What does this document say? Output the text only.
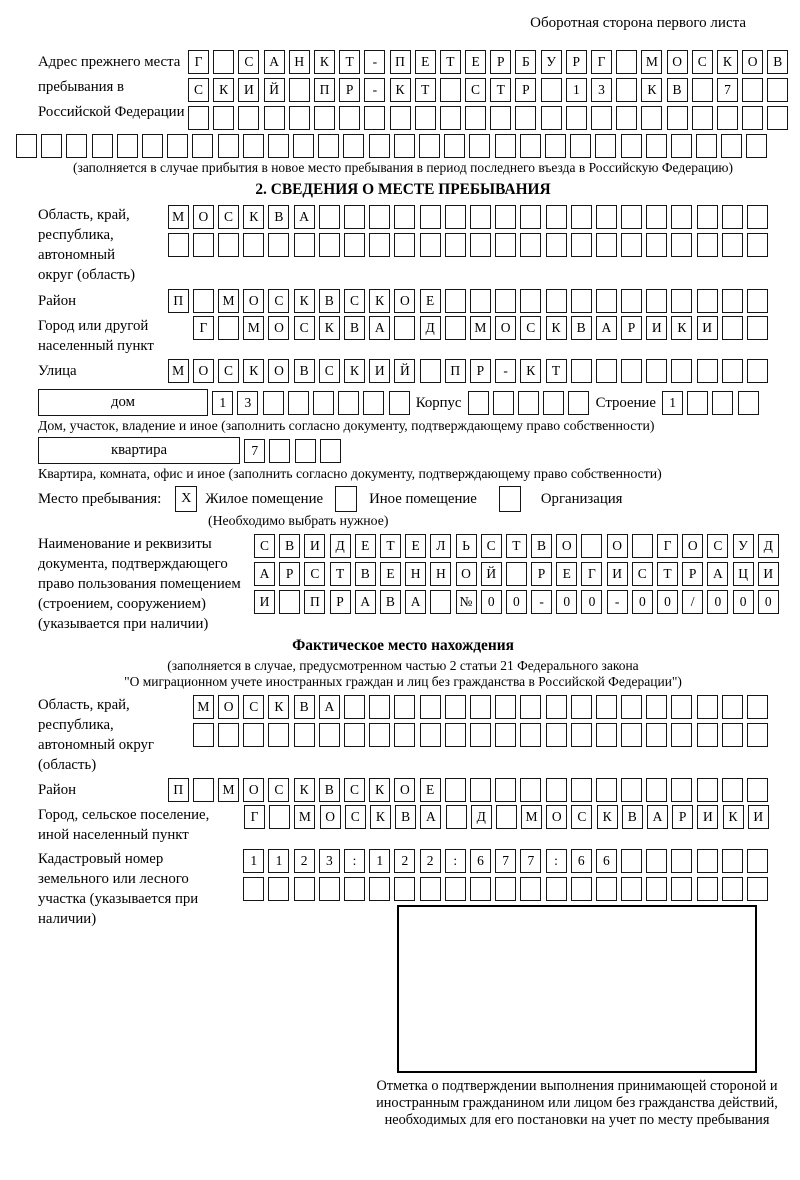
Оборотная сторона первого листа
Адрес прежнего места пребывания в Российской Федерации
Г	С	А	Н	К	Т	-	П	Е	Т	Е	Р	Б	У	Р	Г	М	О	С	К	О	В
С	К	И	Й	П	Р	-	К	Т	С	Т	Р	1	3	К	В	7
(заполняется в случае прибытия в новое место пребывания в период последнего въезда в Российскую Федерацию)
2. СВЕДЕНИЯ О МЕСТЕ ПРЕБЫВАНИЯ
Область, край, республика, автономный округ (область)
М	О	С	К	В	А
Район	П	М	О	С	К	В	С	К	О	Е
Город или другой населенный пункт
Г	М	О	С	К	В	А	Д	М	О	С	К	В	А	Р	И	К	И
Улица	М	О	С	К	О	В	С	К	И	Й	П	Р	-	К	Т
дом	1	3	Корпус	Строение 1
Дом, участок, владение и иное (заполнить согласно документу, подтверждающему право собственности)
квартира	7
Квартира, комната, офис и иное (заполнить согласно документу, подтверждающему право собственности)
Место пребывания:	X Жилое помещение	Иное помещение	Организация
(Необходимо выбрать нужное)
Наименование и реквизиты документа, подтверждающего право пользования помещением (строением, сооружением) (указывается при наличии)
С	В	И	Д	Е	Т	Е	Л	Ь	С	Т	В	О	О	Г	О	С	У	Д
А	Р	С	Т	В	Е	Н	Н	О	Й	Р	Е	Г	И	С	Т	Р	А	Ц	И
И	П	Р	А	В	А	№	0	0	-	0	0	-	0	0	/	0	0	0
Фактическое место нахождения
(заполняется в случае, предусмотренном частью 2 статьи 21 Федерального закона
"О миграционном учете иностранных граждан и лиц без гражданства в Российской Федерации")
Область, край, республика, автономный округ (область)
М	О	С	К	В	А
Район	П	М	О	С	К	В	С	К	О	Е
Город, сельское поселение, иной населенный пункт
Г	М	О	С	К	В	А	Д	М	О	С	К	В	А	Р	И	К	И
Кадастровый номер земельного или лесного участка (указывается при наличии)
1	1	2	3	:	1	2	2	:	6	7	7	:	6	6
Отметка о подтверждении выполнения принимающей стороной и иностранным гражданином или лицом без гражданства действий, необходимых для его постановки на учет по месту пребывания
